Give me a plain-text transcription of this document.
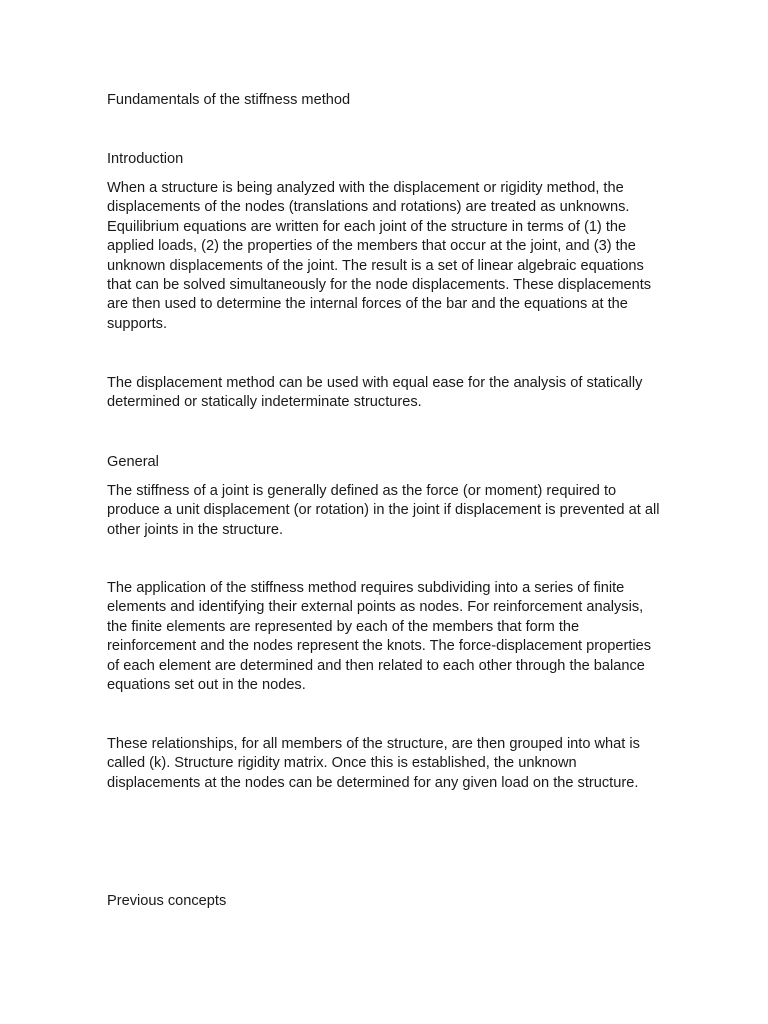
Fundamentals of the stiffness method

Introduction

When a structure is being analyzed with the displacement or rigidity method, the displacements of the nodes (translations and rotations) are treated as unknowns. Equilibrium equations are written for each joint of the structure in terms of (1) the applied loads, (2) the properties of the members that occur at the joint, and (3) the unknown displacements of the joint. The result is a set of linear algebraic equations that can be solved simultaneously for the node displacements. These displacements are then used to determine the internal forces of the bar and the equations at the supports.

The displacement method can be used with equal ease for the analysis of statically determined or statically indeterminate structures.

General

The stiffness of a joint is generally defined as the force (or moment) required to produce a unit displacement (or rotation) in the joint if displacement is prevented at all other joints in the structure.

The application of the stiffness method requires subdividing into a series of finite elements and identifying their external points as nodes. For reinforcement analysis, the finite elements are represented by each of the members that form the reinforcement and the nodes represent the knots. The force-displacement properties of each element are determined and then related to each other through the balance equations set out in the nodes.

These relationships, for all members of the structure, are then grouped into what is called (k). Structure rigidity matrix. Once this is established, the unknown displacements at the nodes can be determined for any given load on the structure.

Previous concepts
